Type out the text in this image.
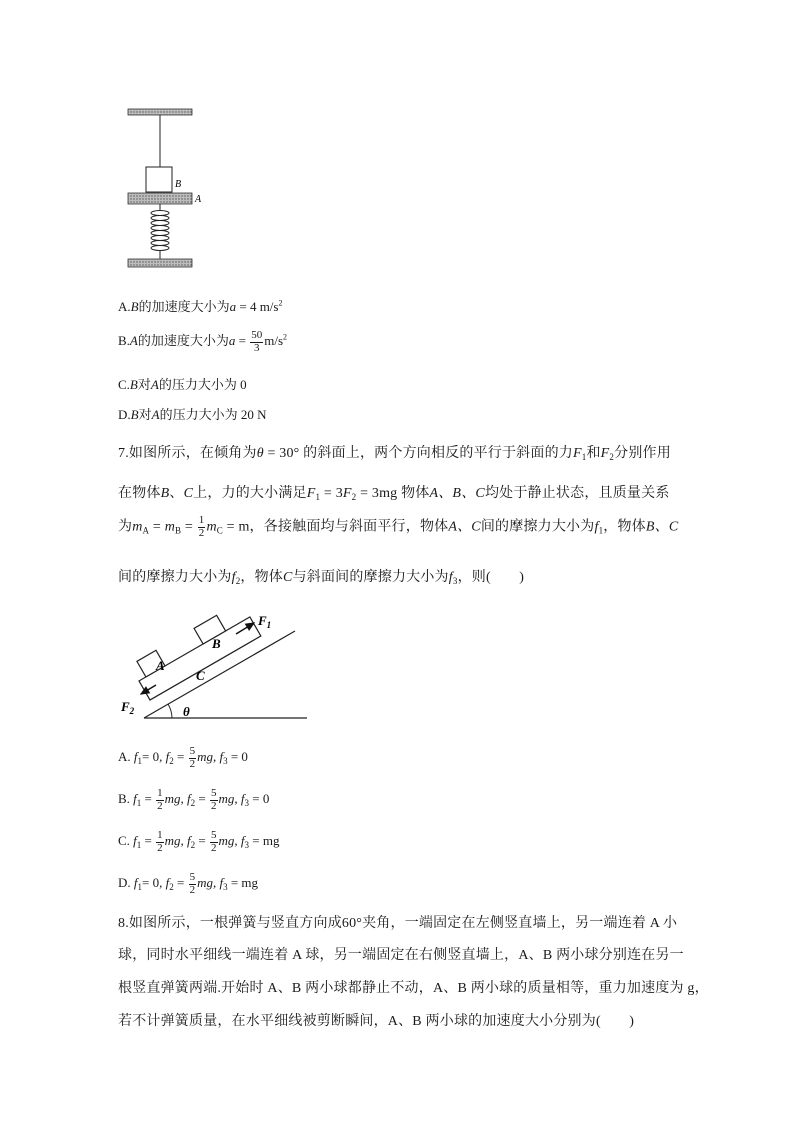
B
A
A.B的加速度大小为a = 4 $m/s^2$
B.A的加速度大小为$a = \frac{50}{3} m/s^2$
C.B对A的压力大小为 0
D.B对A的压力大小为 20 N
7.如图所示，在倾角为θ = 30° 的斜面上，两个方向相反的平行于斜面的力$F_1$和$F_2$分别作用
在物体B、C上，力的大小满足$F_1 = 3F_2 = 3mg$ 物体A、B、C均处于静止状态，且质量关系
为$m_A = m_B = \frac{1}{2} m_C = m$，各接触面均与斜面平行，物体A、C间的摩擦力大小为$f_1$，物体B、C
间的摩擦力大小为$f_2$，物体C与斜面间的摩擦力大小为$f_3$，则(　　)
θ
C
A
B
$F_1$
$F_2$
A. $f_1= 0$, $f_2 = \frac{5}{2}$ mg, $f_3 = 0$
B. $f_1 = \frac{1}{2}$ mg, $f_2 = \frac{5}{2}$ mg, $f_3 = 0$
C. $f_1 = \frac{1}{2}$ mg, $f_2 = \frac{5}{2}$ mg, $f_3$ = mg
D. $f_1= 0$, $f_2 = \frac{5}{2}$ mg, $f_3$ = mg
8.如图所示，一根弹簧与竖直方向成60°夹角，一端固定在左侧竖直墙上，另一端连着 A 小
球，同时水平细线一端连着 A 球，另一端固定在右侧竖直墙上，A、B 两小球分别连在另一
根竖直弹簧两端.开始时 A、B 两小球都静止不动，A、B 两小球的质量相等，重力加速度为 g，
若不计弹簧质量，在水平细线被剪断瞬间，A、B 两小球的加速度大小分别为(　　)
